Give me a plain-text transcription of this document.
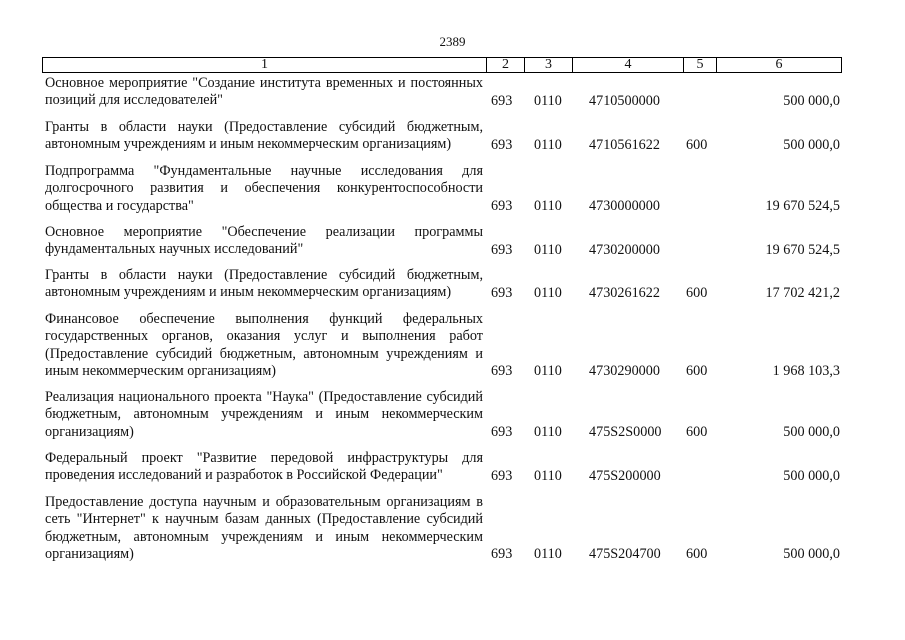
2389
1	2	3	4	5	6
Основное мероприятие "Создание института временных и постоянных позиций для исследователей"	693 0110 4710500000	500 000,0
Гранты в области науки (Предоставление субсидий бюджетным, автономным учреждениям и иным некоммерческим организациям)	693 0110 4710561622 600	500 000,0
Подпрограмма "Фундаментальные научные исследования для долгосрочного развития и обеспечения конкурентоспособности общества и государства"	693 0110 4730000000	19 670 524,5
Основное мероприятие "Обеспечение реализации программы фундаментальных научных исследований"	693 0110 4730200000	19 670 524,5
Гранты в области науки (Предоставление субсидий бюджетным, автономным учреждениям и иным некоммерческим организациям)	693 0110 4730261622 600	17 702 421,2
Финансовое обеспечение выполнения функций федеральных государственных органов, оказания услуг и выполнения работ (Предоставление субсидий бюджетным, автономным учреждениям и иным некоммерческим организациям)	693 0110 4730290000 600	1 968 103,3
Реализация национального проекта "Наука" (Предоставление субсидий бюджетным, автономным учреждениям и иным некоммерческим организациям)	693 0110 475S2S0000 600	500 000,0
Федеральный проект "Развитие передовой инфраструктуры для проведения исследований и разработок в Российской Федерации"	693 0110 475S200000	500 000,0
Предоставление доступа научным и образовательным организациям в сеть "Интернет" к научным базам данных (Предоставление субсидий бюджетным, автономным учреждениям и иным некоммерческим организациям)	693 0110 475S204700 600	500 000,0
